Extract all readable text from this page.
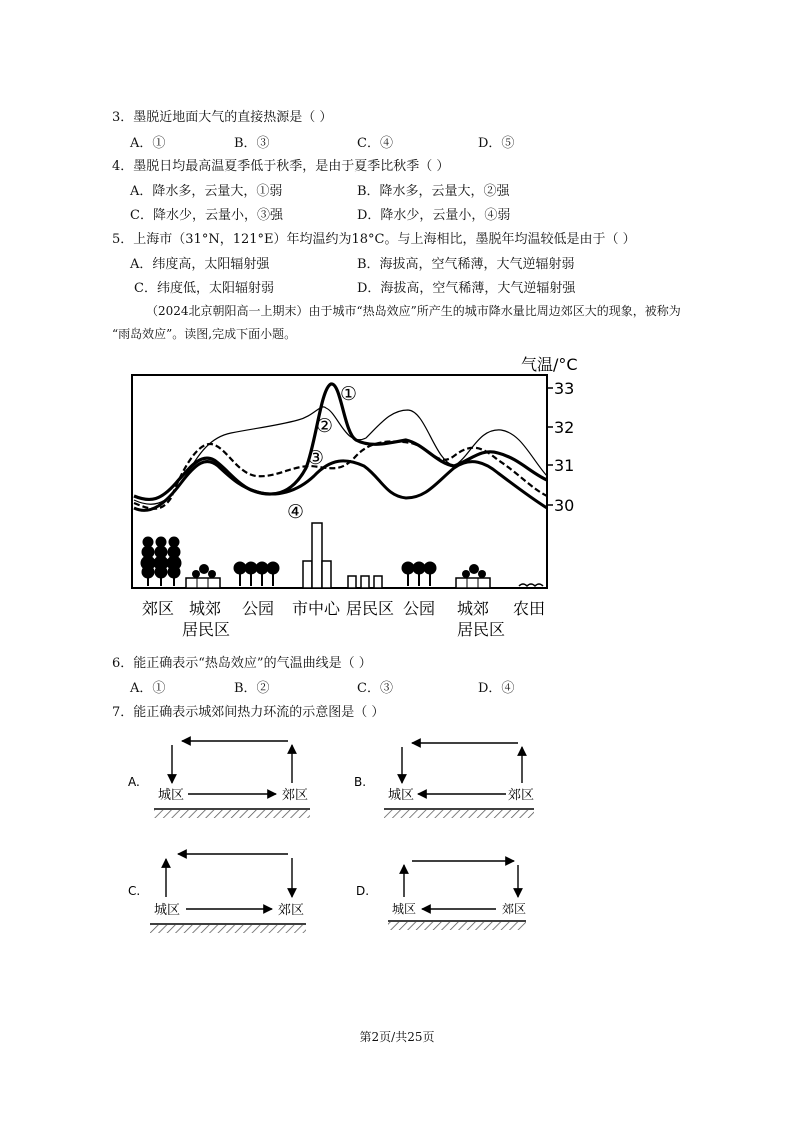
3．墨脱近地面大气的直接热源是（ ）
A．①	B．③	C．④	D．⑤
4．墨脱日均最高温夏季低于秋季，是由于夏季比秋季（ ）
A．降水多，云量大，①弱	B．降水多，云量大，②强
C．降水少，云量小，③强	D．降水少，云量小，④弱
5．上海市（31°N，121°E）年均温约为18°C。与上海相比，墨脱年均温较低是由于（ ）
A．纬度高，太阳辐射强	B．海拔高，空气稀薄，大气逆辐射弱
C．纬度低，太阳辐射弱	D．海拔高，空气稀薄，大气逆辐射强
（2024北京朝阳高一上期末）由于城市“热岛效应”所产生的城市降水量比周边郊区大的现象，被称为
“雨岛效应”。读图,完成下面小题。
气温/°C
33
32
31
30
①
②
③
④
郊区 城郊
居民区
公园 市中心 居民区 公园 城郊
居民区
农田
6．能正确表示“热岛效应”的气温曲线是（ ）
A．①	B．②	C．③	D．④
7．能正确表示城郊间热力环流的示意图是（ ）
A.
城区	郊区
B.
城区	郊区
C.
城区	郊区
D.
城区	郊区
第2页/共25页
